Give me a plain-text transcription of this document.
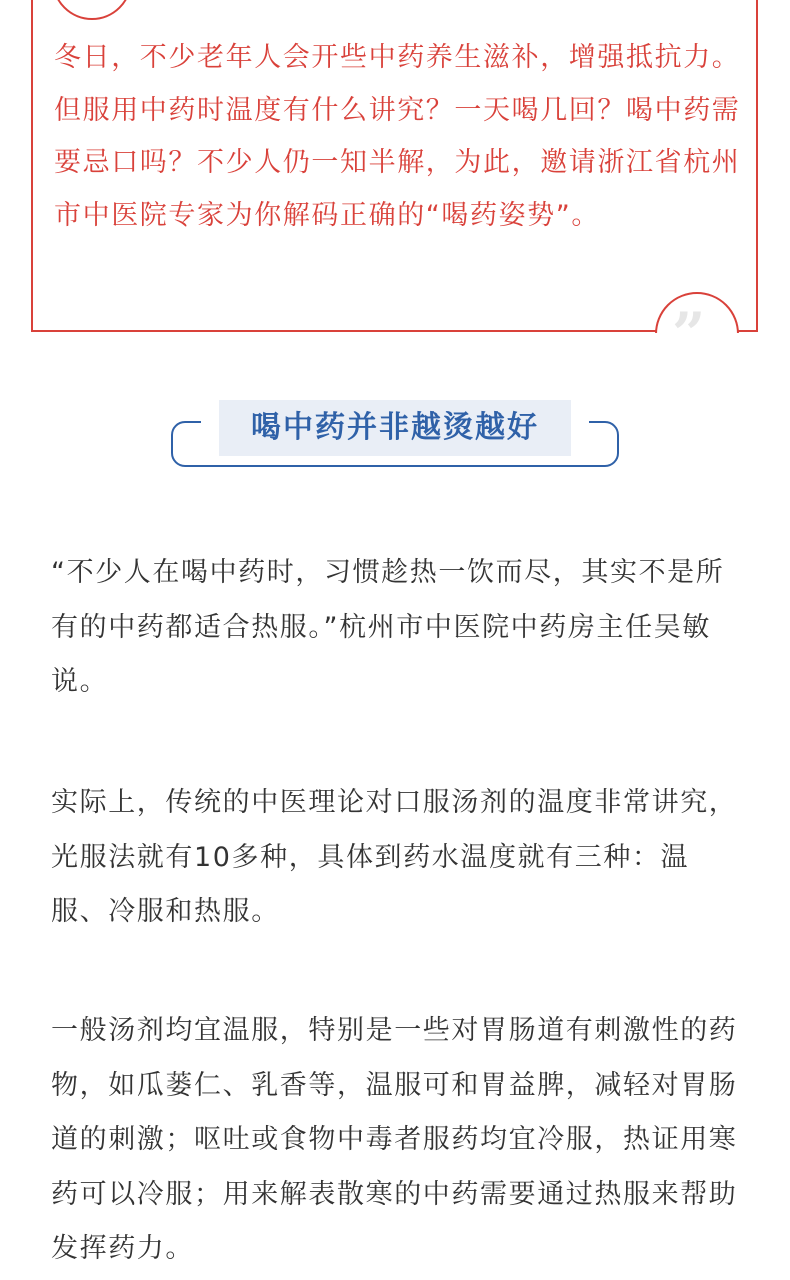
”

冬日，不少老年人会开些中药养生滋补，增强抵抗力。但服用中药时温度有什么讲究？一天喝几回？喝中药需要忌口吗？不少人仍一知半解，为此，邀请浙江省杭州市中医院专家为你解码正确的“喝药姿势”。

喝中药并非越烫越好

“不少人在喝中药时，习惯趁热一饮而尽，其实不是所有的中药都适合热服。”杭州市中医院中药房主任吴敏说。

实际上，传统的中医理论对口服汤剂的温度非常讲究，光服法就有10多种，具体到药水温度就有三种：温服、冷服和热服。

一般汤剂均宜温服，特别是一些对胃肠道有刺激性的药物，如瓜蒌仁、乳香等，温服可和胃益脾，减轻对胃肠道的刺激；呕吐或食物中毒者服药均宜冷服，热证用寒药可以冷服；用来解表散寒的中药需要通过热服来帮助发挥药力。
